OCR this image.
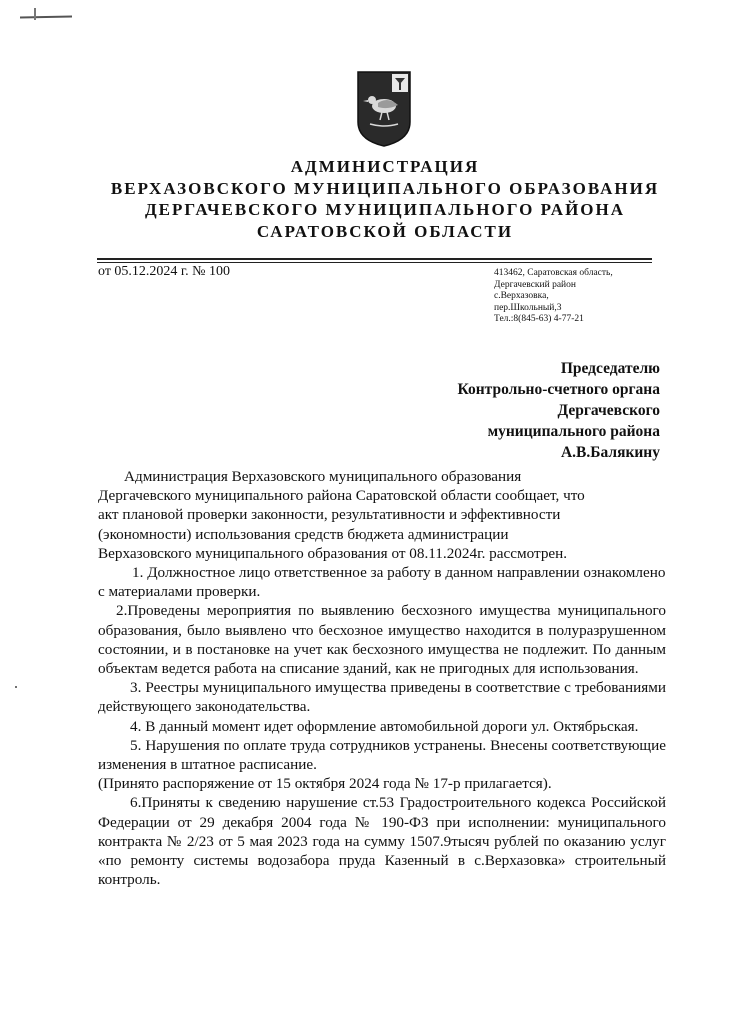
АДМИНИСТРАЦИЯ
ВЕРХАЗОВСКОГО МУНИЦИПАЛЬНОГО ОБРАЗОВАНИЯ
ДЕРГАЧЕВСКОГО МУНИЦИПАЛЬНОГО РАЙОНА
САРАТОВСКОЙ ОБЛАСТИ
от 05.12.2024 г. № 100	413462, Саратовская область,
Дергачевский район
с.Верхазовка,
пер.Школьный,3
Тел.:8(845-63) 4-77-21
Председателю
Контрольно-счетного органа
Дергачевского
муниципального района
А.В.Балякину

Администрация Верхазовского муниципального образования
Дергачевского муниципального района Саратовской области сообщает, что
акт плановой проверки законности, результативности и эффективности
(экономности) использования средств бюджета администрации
Верхазовского муниципального образования от 08.11.2024г. рассмотрен.

1. Должностное лицо ответственное за работу в данном направлении ознакомлено с материалами проверки.

2.Проведены мероприятия по выявлению бесхозного имущества муниципального образования, было выявлено что бесхозное имущество находится в полуразрушенном состоянии, и в постановке на учет как бесхозного имущества не подлежит. По данным объектам ведется работа на списание зданий, как не пригодных для использования.

3. Реестры муниципального имущества приведены в соответствие с требованиями действующего законодательства.

4. В данный момент идет оформление автомобильной дороги ул. Октябрьская.

5. Нарушения по оплате труда сотрудников устранены. Внесены соответствующие изменения в штатное расписание.

(Принято распоряжение от 15 октября 2024 года № 17-р прилагается).

6.Приняты к сведению нарушение ст.53 Градостроительного кодекса Российской Федерации от 29 декабря 2004 года № 190-ФЗ при исполнении: муниципального контракта № 2/23 от 5 мая 2023 года на сумму 1507.9тысяч рублей по оказанию услуг «по ремонту системы водозабора пруда Казенный в с.Верхазовка» строительный контроль.
